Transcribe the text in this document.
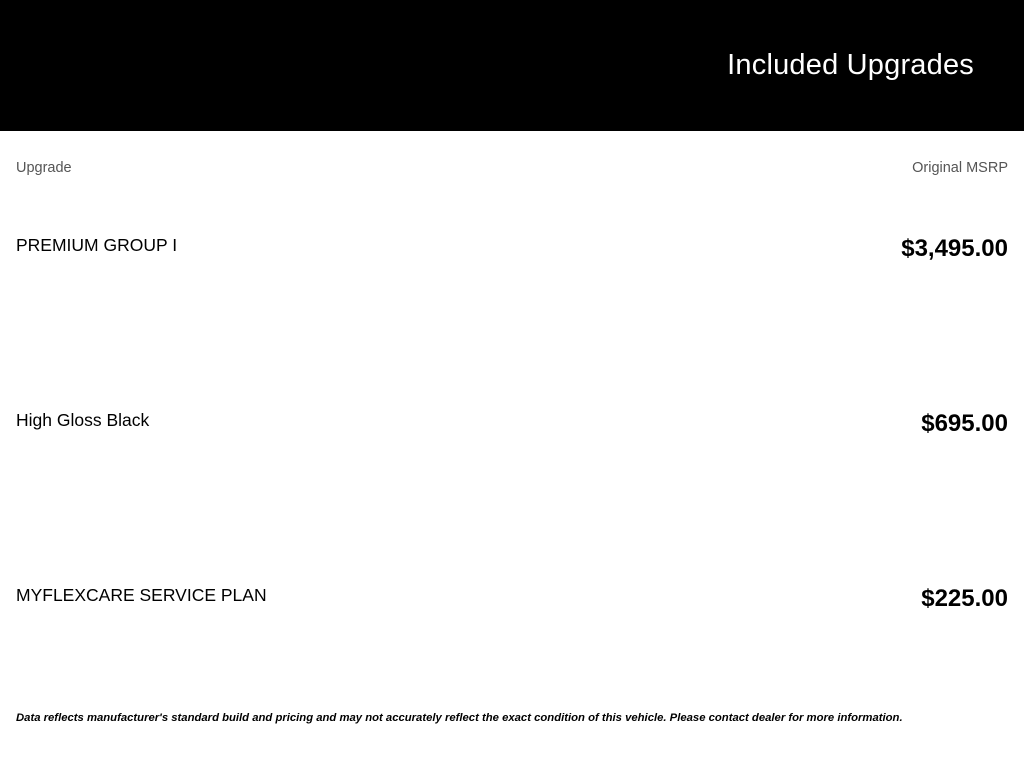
Included Upgrades
Upgrade	Original MSRP
PREMIUM GROUP I	$3,495.00
High Gloss Black	$695.00
MYFLEXCARE SERVICE PLAN	$225.00
Data reflects manufacturer's standard build and pricing and may not accurately reflect the exact condition of this vehicle. Please contact dealer for more information.
